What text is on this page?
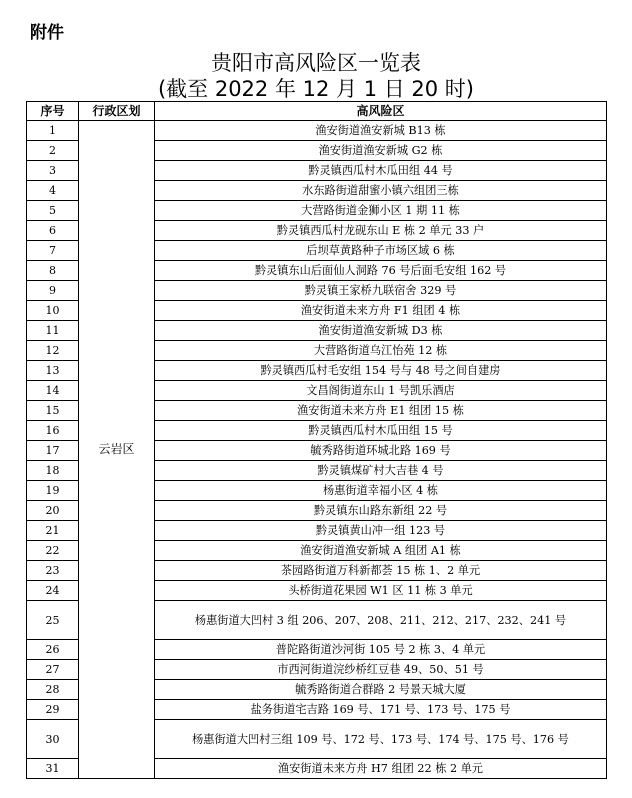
附件
贵阳市高风险区一览表
(截至 2022 年 12 月 1 日 20 时)
序号	行政区划	高风险区
1	云岩区	渔安街道渔安新城 B13 栋
2		渔安街道渔安新城 G2 栋
3		黔灵镇西瓜村木瓜田组 44 号
4		水东路街道甜蜜小镇六组团三栋
5		大营路街道金狮小区 1 期 11 栋
6		黔灵镇西瓜村龙砚东山 E 栋 2 单元 33 户
7		后坝草黄路种子市场区域 6 栋
8		黔灵镇东山后面仙人洞路 76 号后面毛安组 162 号
9		黔灵镇王家桥九联宿舍 329 号
10		渔安街道未来方舟 F1 组团 4 栋
11		渔安街道渔安新城 D3 栋
12		大营路街道乌江怡苑 12 栋
13		黔灵镇西瓜村毛安组 154 号与 48 号之间自建房
14		文昌阁街道东山 1 号凯乐酒店
15		渔安街道未来方舟 E1 组团 15 栋
16		黔灵镇西瓜村木瓜田组 15 号
17		毓秀路街道环城北路 169 号
18		黔灵镇煤矿村大吉巷 4 号
19		杨惠街道幸福小区 4 栋
20		黔灵镇东山路东新组 22 号
21		黔灵镇黄山冲一组 123 号
22		渔安街道渔安新城 A 组团 A1 栋
23		茶园路街道万科新都荟 15 栋 1、2 单元
24		头桥街道花果园 W1 区 11 栋 3 单元
25		杨惠街道大凹村 3 组 206、207、208、211、212、217、232、241 号
26		普陀路街道沙河街 105 号 2 栋 3、4 单元
27		市西河街道浣纱桥红豆巷 49、50、51 号
28		毓秀路街道合群路 2 号景天城大厦
29		盐务街道宅吉路 169 号、171 号、173 号、175 号
30		杨惠街道大凹村三组 109 号、172 号、173 号、174 号、175 号、176 号
31		渔安街道未来方舟 H7 组团 22 栋 2 单元
